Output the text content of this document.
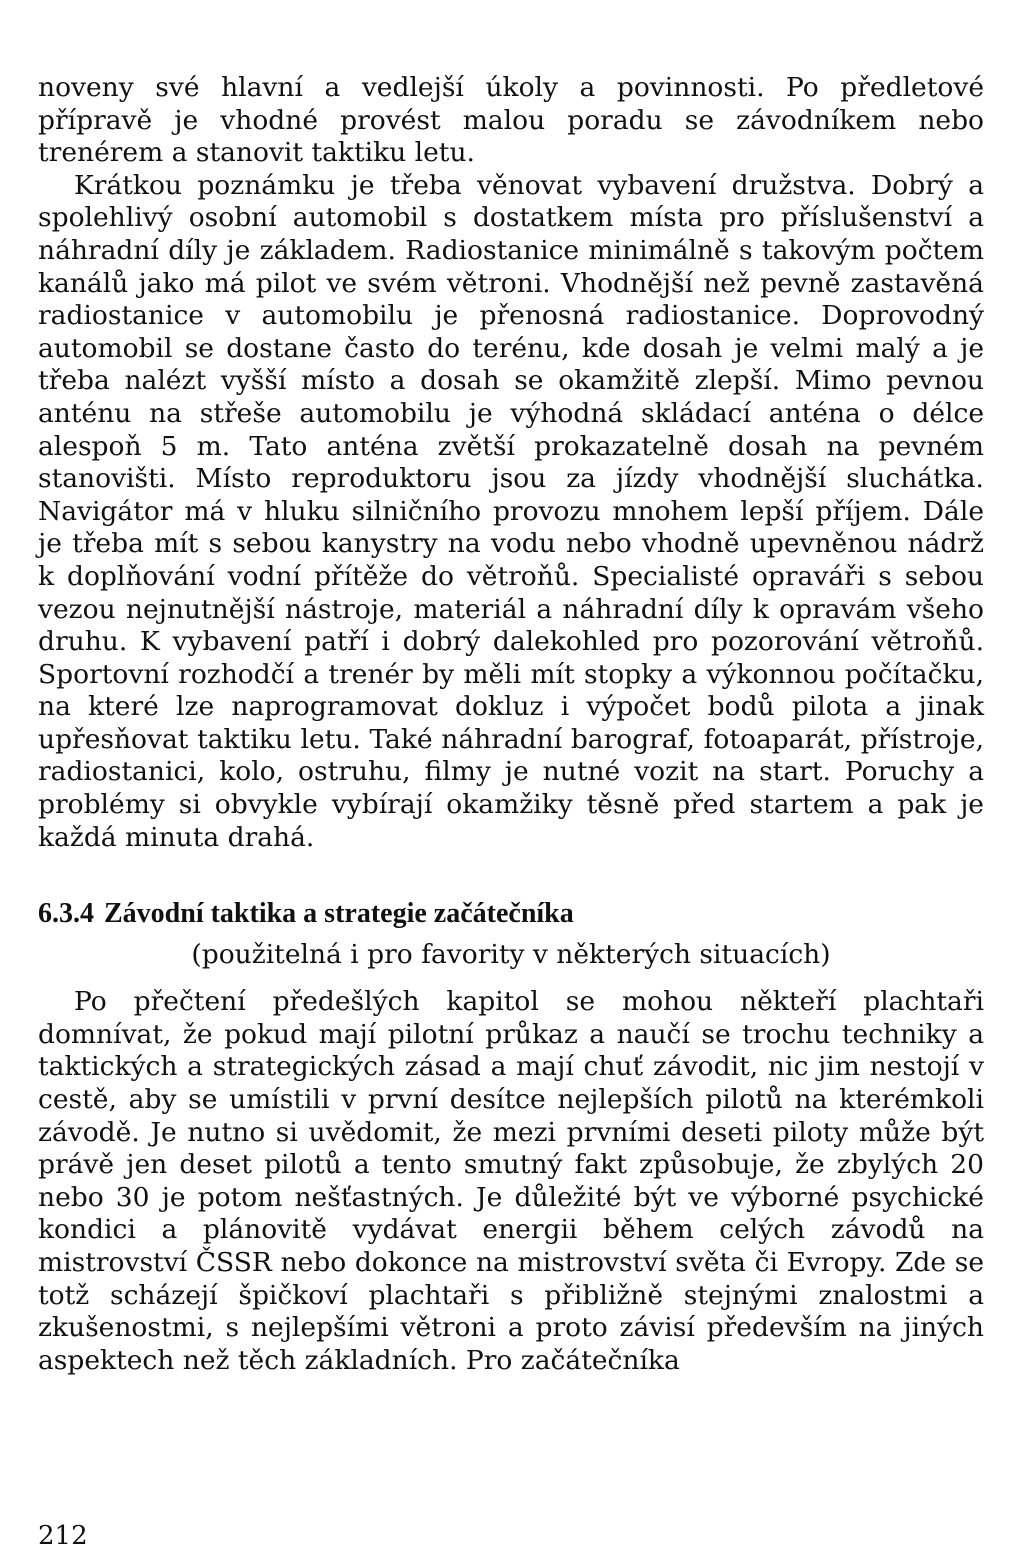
noveny své hlavní a vedlejší úkoly a povinnosti. Po předletové přípravě je vhodné provést malou poradu se závodníkem nebo trenérem a stanovit taktiku letu.

Krátkou poznámku je třeba věnovat vybavení družstva. Dobrý a spolehlivý osobní automobil s dostatkem místa pro příslušenství a náhradní díly je základem. Radiostanice minimálně s takovým počtem kanálů jako má pilot ve svém větroni. Vhodnější než pevně zastavěná radiostanice v automobilu je přenosná radiostanice. Doprovodný automobil se dostane často do terénu, kde dosah je velmi malý a je třeba nalézt vyšší místo a dosah se okamžitě zlepší. Mimo pevnou anténu na střeše automobilu je výhodná skládací anténa o délce alespoň 5 m. Tato anténa zvětší prokazatelně dosah na pevném stanovišti. Místo reproduktoru jsou za jízdy vhodnější sluchátka. Navigátor má v hluku silničního provozu mnohem lepší příjem. Dále je třeba mít s sebou kanystry na vodu nebo vhodně upevněnou nádrž k doplňování vodní přítěže do větroňů. Specialisté opraváři s sebou vezou nejnutnější nástroje, materiál a náhradní díly k opravám všeho druhu. K vybavení patří i dobrý dalekohled pro pozorování větroňů. Sportovní rozhodčí a trenér by měli mít stopky a výkonnou počítačku, na které lze naprogramovat dokluz i výpočet bodů pilota a jinak upřesňovat taktiku letu. Také náhradní barograf, fotoaparát, přístroje, radiostanici, kolo, ostruhu, filmy je nutné vozit na start. Poruchy a problémy si obvykle vybírají okamžiky těsně před startem a pak je každá minuta drahá.

6.3.4 Závodní taktika a strategie začátečníka

(použitelná i pro favority v některých situacích)

Po přečtení předešlých kapitol se mohou někteří plachtaři domnívat, že pokud mají pilotní průkaz a naučí se trochu techniky a taktických a strategických zásad a mají chuť závodit, nic jim nestojí v cestě, aby se umístili v první desítce nejlepších pilotů na kterémkoli závodě. Je nutno si uvědomit, že mezi prvními deseti piloty může být právě jen deset pilotů a tento smutný fakt způsobuje, že zbylých 20 nebo 30 je potom nešťastných. Je důležité být ve výborné psychické kondici a plánovitě vydávat energii během celých závodů na mistrovství ČSSR nebo dokonce na mistrovství světa či Evropy. Zde se totž scházejí špičkoví plachtaři s přibližně stejnými znalostmi a zkušenostmi, s nejlepšími větroni a proto závisí především na jiných aspektech než těch základních. Pro začátečníka

212
